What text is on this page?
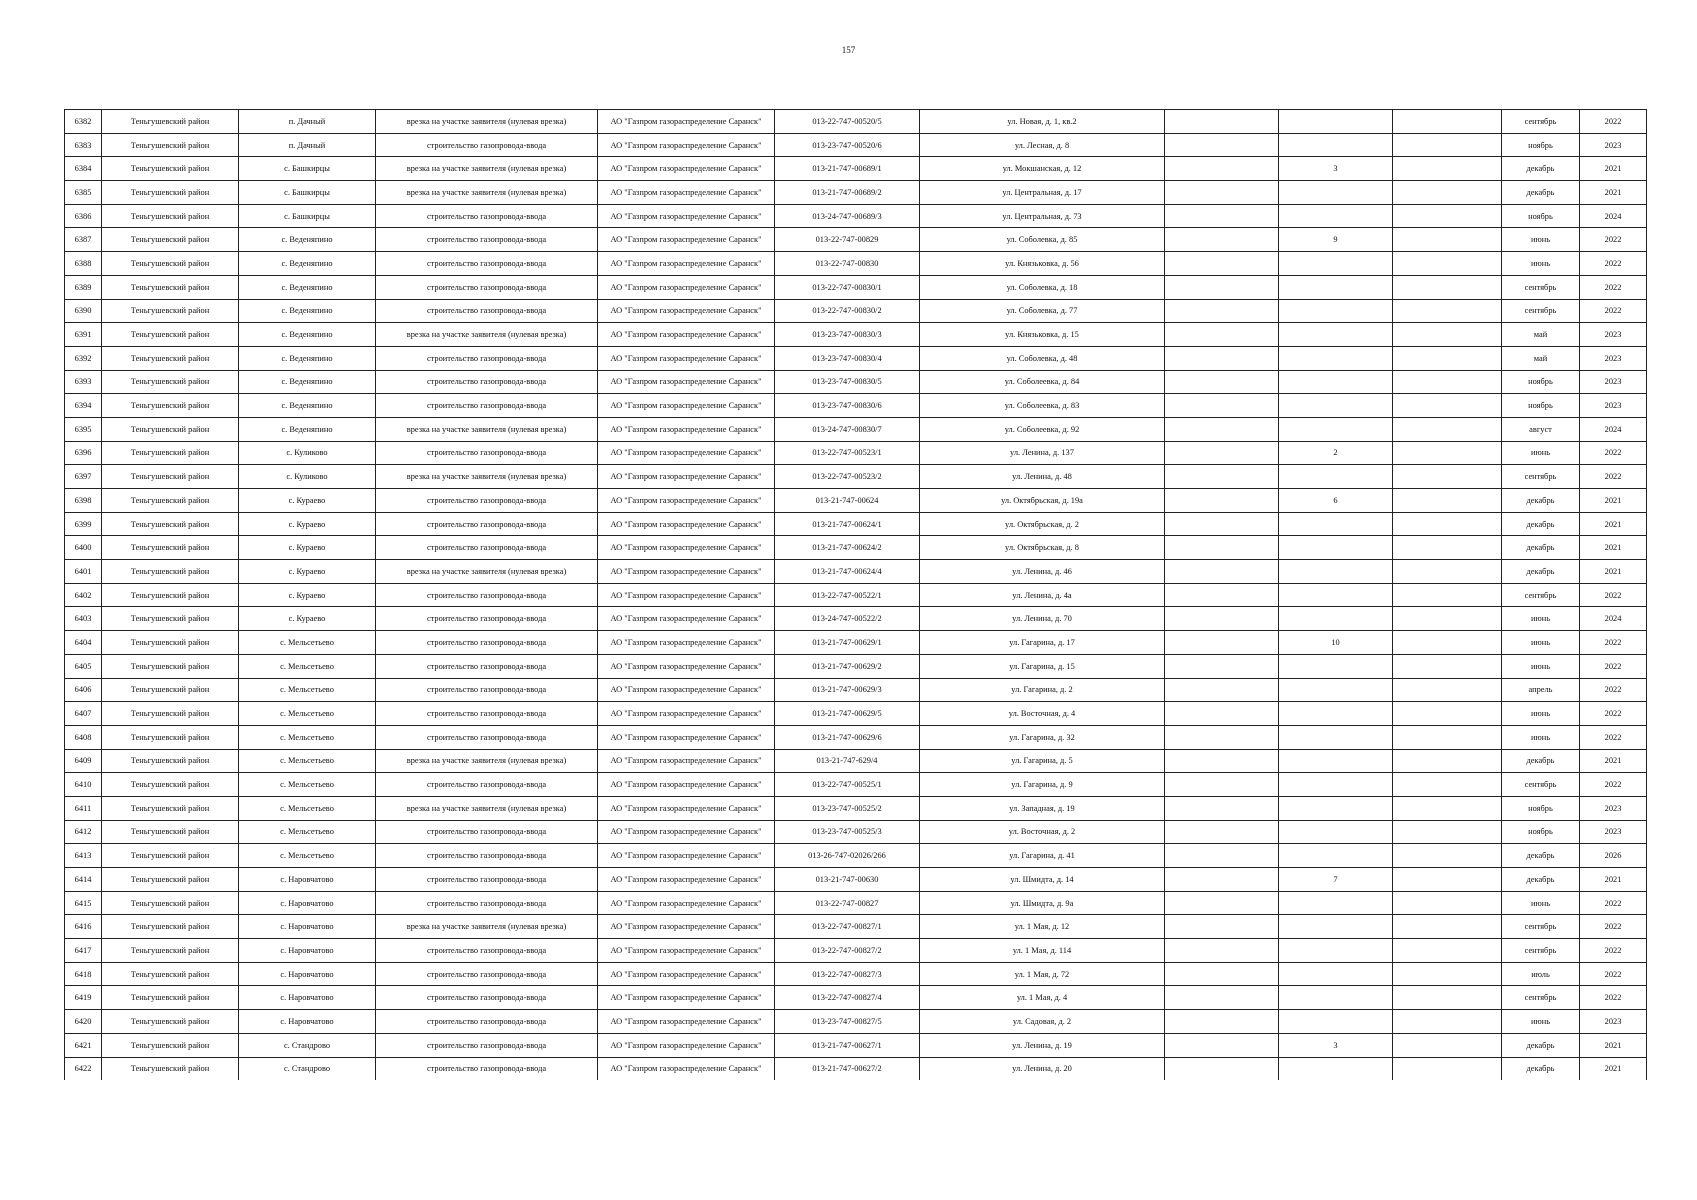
157
6382	Теньгушевский район	п. Дачный	врезка на участке заявителя (нулевая врезка)	АО "Газпром газораспределение Саранск"	013-22-747-00520/5	ул. Новая, д. 1, кв.2				сентябрь	2022
6383	Теньгушевский район	п. Дачный	строительство газопровода-ввода	АО "Газпром газораспределение Саранск"	013-23-747-00520/6	ул. Лесная, д. 8				ноябрь	2023
6384	Теньгушевский район	с. Башкирцы	врезка на участке заявителя (нулевая врезка)	АО "Газпром газораспределение Саранск"	013-21-747-00689/1	ул. Мокшанская, д. 12		3		декабрь	2021
6385	Теньгушевский район	с. Башкирцы	врезка на участке заявителя (нулевая врезка)	АО "Газпром газораспределение Саранск"	013-21-747-00689/2	ул. Центральная, д. 17				декабрь	2021
6386	Теньгушевский район	с. Башкирцы	строительство газопровода-ввода	АО "Газпром газораспределение Саранск"	013-24-747-00689/3	ул. Центральная, д. 73				ноябрь	2024
6387	Теньгушевский район	с. Веденяпино	строительство газопровода-ввода	АО "Газпром газораспределение Саранск"	013-22-747-00829	ул. Соболевка, д. 85		9		июнь	2022
6388	Теньгушевский район	с. Веденяпино	строительство газопровода-ввода	АО "Газпром газораспределение Саранск"	013-22-747-00830	ул. Князьковка, д. 56				июнь	2022
6389	Теньгушевский район	с. Веденяпино	строительство газопровода-ввода	АО "Газпром газораспределение Саранск"	013-22-747-00830/1	ул. Соболевка, д. 18				сентябрь	2022
6390	Теньгушевский район	с. Веденяпино	строительство газопровода-ввода	АО "Газпром газораспределение Саранск"	013-22-747-00830/2	ул. Соболевка, д. 77				сентябрь	2022
6391	Теньгушевский район	с. Веденяпино	врезка на участке заявителя (нулевая врезка)	АО "Газпром газораспределение Саранск"	013-23-747-00830/3	ул. Князьковка, д. 15				май	2023
6392	Теньгушевский район	с. Веденяпино	строительство газопровода-ввода	АО "Газпром газораспределение Саранск"	013-23-747-00830/4	ул. Соболевка, д. 48				май	2023
6393	Теньгушевский район	с. Веденяпино	строительство газопровода-ввода	АО "Газпром газораспределение Саранск"	013-23-747-00830/5	ул. Соболеевка, д. 84				ноябрь	2023
6394	Теньгушевский район	с. Веденяпино	строительство газопровода-ввода	АО "Газпром газораспределение Саранск"	013-23-747-00830/6	ул. Соболеевка, д. 83				ноябрь	2023
6395	Теньгушевский район	с. Веденяпино	врезка на участке заявителя (нулевая врезка)	АО "Газпром газораспределение Саранск"	013-24-747-00830/7	ул. Соболеевка, д. 92				август	2024
6396	Теньгушевский район	с. Куликово	строительство газопровода-ввода	АО "Газпром газораспределение Саранск"	013-22-747-00523/1	ул. Ленина, д. 137		2		июнь	2022
6397	Теньгушевский район	с. Куликово	врезка на участке заявителя (нулевая врезка)	АО "Газпром газораспределение Саранск"	013-22-747-00523/2	ул. Ленина, д. 48				сентябрь	2022
6398	Теньгушевский район	с. Кураево	строительство газопровода-ввода	АО "Газпром газораспределение Саранск"	013-21-747-00624	ул. Октябрьская, д. 19а		6		декабрь	2021
6399	Теньгушевский район	с. Кураево	строительство газопровода-ввода	АО "Газпром газораспределение Саранск"	013-21-747-00624/1	ул. Октябрьская, д. 2				декабрь	2021
6400	Теньгушевский район	с. Кураево	строительство газопровода-ввода	АО "Газпром газораспределение Саранск"	013-21-747-00624/2	ул. Октябрьская, д. 8				декабрь	2021
6401	Теньгушевский район	с. Кураево	врезка на участке заявителя (нулевая врезка)	АО "Газпром газораспределение Саранск"	013-21-747-00624/4	ул. Ленина, д. 46				декабрь	2021
6402	Теньгушевский район	с. Кураево	строительство газопровода-ввода	АО "Газпром газораспределение Саранск"	013-22-747-00522/1	ул. Ленина, д. 4а				сентябрь	2022
6403	Теньгушевский район	с. Кураево	строительство газопровода-ввода	АО "Газпром газораспределение Саранск"	013-24-747-00522/2	ул. Ленина, д. 70				июнь	2024
6404	Теньгушевский район	с. Мельсетьево	строительство газопровода-ввода	АО "Газпром газораспределение Саранск"	013-21-747-00629/1	ул. Гагарина, д. 17		10		июнь	2022
6405	Теньгушевский район	с. Мельсетьево	строительство газопровода-ввода	АО "Газпром газораспределение Саранск"	013-21-747-00629/2	ул. Гагарина, д. 15				июнь	2022
6406	Теньгушевский район	с. Мельсетьево	строительство газопровода-ввода	АО "Газпром газораспределение Саранск"	013-21-747-00629/3	ул. Гагарина, д. 2				апрель	2022
6407	Теньгушевский район	с. Мельсетьево	строительство газопровода-ввода	АО "Газпром газораспределение Саранск"	013-21-747-00629/5	ул. Восточная, д. 4				июнь	2022
6408	Теньгушевский район	с. Мельсетьево	строительство газопровода-ввода	АО "Газпром газораспределение Саранск"	013-21-747-00629/6	ул. Гагарина, д. 32				июнь	2022
6409	Теньгушевский район	с. Мельсетьево	врезка на участке заявителя (нулевая врезка)	АО "Газпром газораспределение Саранск"	013-21-747-629/4	ул. Гагарина, д. 5				декабрь	2021
6410	Теньгушевский район	с. Мельсетьево	строительство газопровода-ввода	АО "Газпром газораспределение Саранск"	013-22-747-00525/1	ул. Гагарина, д. 9				сентябрь	2022
6411	Теньгушевский район	с. Мельсетьево	врезка на участке заявителя (нулевая врезка)	АО "Газпром газораспределение Саранск"	013-23-747-00525/2	ул. Западная, д. 19				ноябрь	2023
6412	Теньгушевский район	с. Мельсетьево	строительство газопровода-ввода	АО "Газпром газораспределение Саранск"	013-23-747-00525/3	ул. Восточная, д. 2				ноябрь	2023
6413	Теньгушевский район	с. Мельсетьево	строительство газопровода-ввода	АО "Газпром газораспределение Саранск"	013-26-747-02026/266	ул. Гагарина, д. 41				декабрь	2026
6414	Теньгушевский район	с. Наровчатово	строительство газопровода-ввода	АО "Газпром газораспределение Саранск"	013-21-747-00630	ул. Шмидта, д. 14		7		декабрь	2021
6415	Теньгушевский район	с. Наровчатово	строительство газопровода-ввода	АО "Газпром газораспределение Саранск"	013-22-747-00827	ул. Шмидта, д. 9а				июнь	2022
6416	Теньгушевский район	с. Наровчатово	врезка на участке заявителя (нулевая врезка)	АО "Газпром газораспределение Саранск"	013-22-747-00827/1	ул. 1 Мая, д. 12				сентябрь	2022
6417	Теньгушевский район	с. Наровчатово	строительство газопровода-ввода	АО "Газпром газораспределение Саранск"	013-22-747-00827/2	ул. 1 Мая, д. 114				сентябрь	2022
6418	Теньгушевский район	с. Наровчатово	строительство газопровода-ввода	АО "Газпром газораспределение Саранск"	013-22-747-00827/3	ул. 1 Мая, д. 72				июль	2022
6419	Теньгушевский район	с. Наровчатово	строительство газопровода-ввода	АО "Газпром газораспределение Саранск"	013-22-747-00827/4	ул. 1 Мая, д. 4				сентябрь	2022
6420	Теньгушевский район	с. Наровчатово	строительство газопровода-ввода	АО "Газпром газораспределение Саранск"	013-23-747-00827/5	ул. Садовая, д. 2				июнь	2023
6421	Теньгушевский район	с. Стандрово	строительство газопровода-ввода	АО "Газпром газораспределение Саранск"	013-21-747-00627/1	ул. Ленина, д. 19		3		декабрь	2021
6422	Теньгушевский район	с. Стандрово	строительство газопровода-ввода	АО "Газпром газораспределение Саранск"	013-21-747-00627/2	ул. Ленина, д. 20				декабрь	2021
